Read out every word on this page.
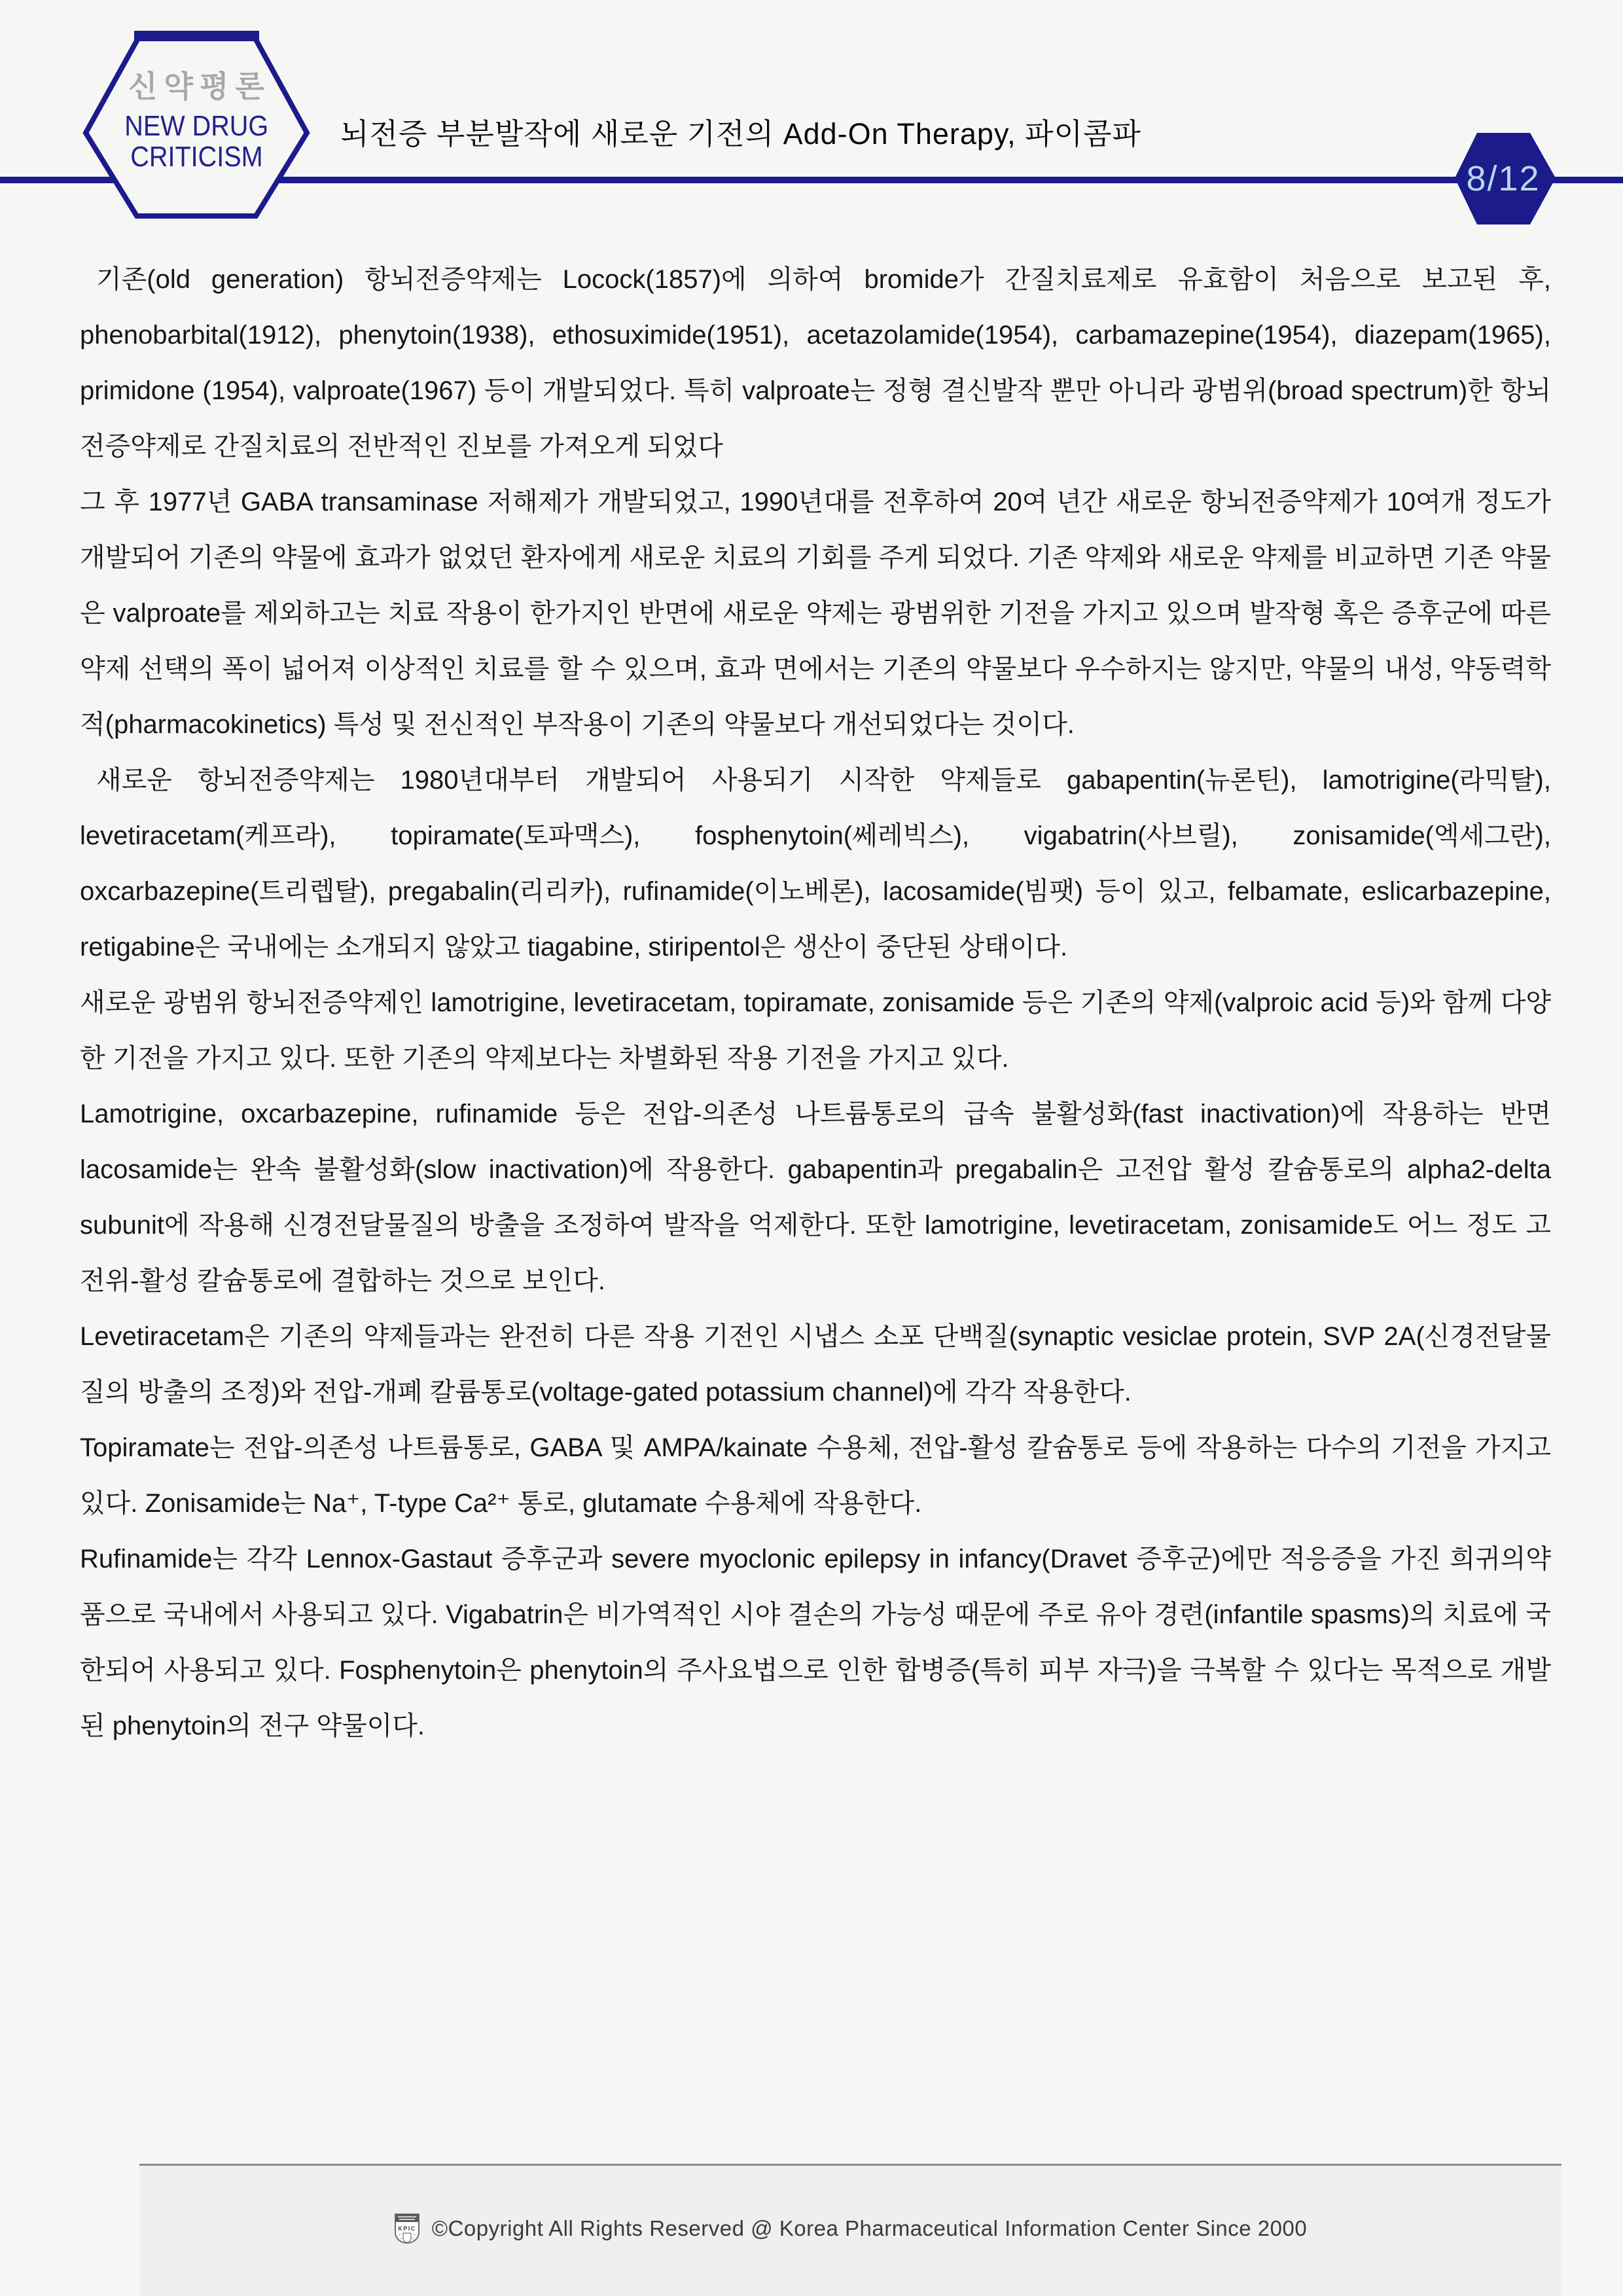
신약평론
NEW DRUG
CRITICISM
뇌전증 부분발작에 새로운 기전의 Add-On Therapy, 파이콤파
8/12

기존(old generation) 항뇌전증약제는 Locock(1857)에 의하여 bromide가 간질치료제로 유효함이 처음으로 보고된 후, phenobarbital(1912), phenytoin(1938), ethosuximide(1951), acetazolamide(1954), carbamazepine(1954), diazepam(1965), primidone (1954), valproate(1967) 등이 개발되었다. 특히 valproate는 정형 결신발작 뿐만 아니라 광범위(broad spectrum)한 항뇌전증약제로 간질치료의 전반적인 진보를 가져오게 되었다

그 후 1977년 GABA transaminase 저해제가 개발되었고, 1990년대를 전후하여 20여 년간 새로운 항뇌전증약제가 10여개 정도가 개발되어 기존의 약물에 효과가 없었던 환자에게 새로운 치료의 기회를 주게 되었다. 기존 약제와 새로운 약제를 비교하면 기존 약물은 valproate를 제외하고는 치료 작용이 한가지인 반면에 새로운 약제는 광범위한 기전을 가지고 있으며 발작형 혹은 증후군에 따른 약제 선택의 폭이 넓어져 이상적인 치료를 할 수 있으며, 효과 면에서는 기존의 약물보다 우수하지는 않지만, 약물의 내성, 약동력학적(pharmacokinetics) 특성 및 전신적인 부작용이 기존의 약물보다 개선되었다는 것이다.

새로운 항뇌전증약제는 1980년대부터 개발되어 사용되기 시작한 약제들로 gabapentin(뉴론틴), lamotrigine(라믹탈), levetiracetam(케프라), topiramate(토파맥스), fosphenytoin(쎄레빅스), vigabatrin(사브릴), zonisamide(엑세그란), oxcarbazepine(트리렙탈), pregabalin(리리카), rufinamide(이노베론), lacosamide(빔팻) 등이 있고, felbamate, eslicarbazepine, retigabine은 국내에는 소개되지 않았고 tiagabine, stiripentol은 생산이 중단된 상태이다.

새로운 광범위 항뇌전증약제인 lamotrigine, levetiracetam, topiramate, zonisamide 등은 기존의 약제(valproic acid 등)와 함께 다양한 기전을 가지고 있다. 또한 기존의 약제보다는 차별화된 작용 기전을 가지고 있다.

Lamotrigine, oxcarbazepine, rufinamide 등은 전압-의존성 나트륨통로의 급속 불활성화(fast inactivation)에 작용하는 반면 lacosamide는 완속 불활성화(slow inactivation)에 작용한다. gabapentin과 pregabalin은 고전압 활성 칼슘통로의 alpha2-delta subunit에 작용해 신경전달물질의 방출을 조정하여 발작을 억제한다. 또한 lamotrigine, levetiracetam, zonisamide도 어느 정도 고 전위-활성 칼슘통로에 결합하는 것으로 보인다.

Levetiracetam은 기존의 약제들과는 완전히 다른 작용 기전인 시냅스 소포 단백질(synaptic vesiclae protein, SVP 2A(신경전달물질의 방출의 조정)와 전압-개폐 칼륨통로(voltage-gated potassium channel)에 각각 작용한다.

Topiramate는 전압-의존성 나트륨통로, GABA 및 AMPA/kainate 수용체, 전압-활성 칼슘통로 등에 작용하는 다수의 기전을 가지고 있다. Zonisamide는 Na⁺, T-type Ca²⁺ 통로, glutamate 수용체에 작용한다.

Rufinamide는 각각 Lennox-Gastaut 증후군과 severe myoclonic epilepsy in infancy(Dravet 증후군)에만 적응증을 가진 희귀의약품으로 국내에서 사용되고 있다. Vigabatrin은 비가역적인 시야 결손의 가능성 때문에 주로 유아 경련(infantile spasms)의 치료에 국한되어 사용되고 있다. Fosphenytoin은 phenytoin의 주사요법으로 인한 합병증(특히 피부 자극)을 극복할 수 있다는 목적으로 개발된 phenytoin의 전구 약물이다.

KPIC ©Copyright All Rights Reserved @ Korea Pharmaceutical Information Center Since 2000
